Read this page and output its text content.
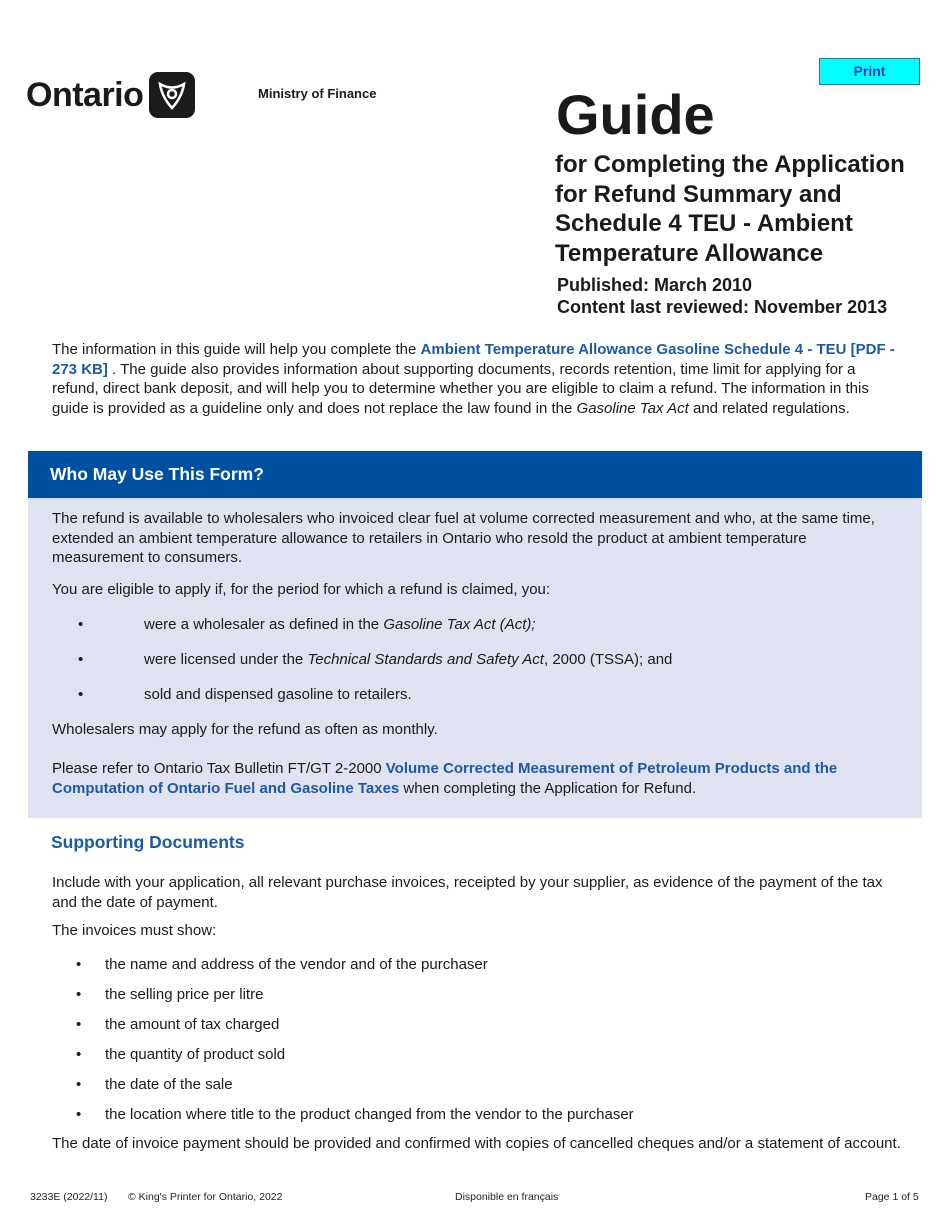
Ontario	Ministry of Finance
Print
Guide
for Completing the Application for Refund Summary and Schedule 4 TEU - Ambient Temperature Allowance
Published: March 2010
Content last reviewed: November 2013

The information in this guide will help you complete the Ambient Temperature Allowance Gasoline Schedule 4 - TEU [PDF - 273 KB] . The guide also provides information about supporting documents, records retention, time limit for applying for a refund, direct bank deposit, and will help you to determine whether you are eligible to claim a refund. The information in this guide is provided as a guideline only and does not replace the law found in the Gasoline Tax Act and related regulations.

Who May Use This Form?

The refund is available to wholesalers who invoiced clear fuel at volume corrected measurement and who, at the same time, extended an ambient temperature allowance to retailers in Ontario who resold the product at ambient temperature measurement to consumers.

You are eligible to apply if, for the period for which a refund is claimed, you:

•	were a wholesaler as defined in the Gasoline Tax Act (Act);
•	were licensed under the Technical Standards and Safety Act, 2000 (TSSA); and
•	sold and dispensed gasoline to retailers.

Wholesalers may apply for the refund as often as monthly.

Please refer to Ontario Tax Bulletin FT/GT 2-2000 Volume Corrected Measurement of Petroleum Products and the Computation of Ontario Fuel and Gasoline Taxes when completing the Application for Refund.

Supporting Documents

Include with your application, all relevant purchase invoices, receipted by your supplier, as evidence of the payment of the tax and the date of payment.

The invoices must show:

• the name and address of the vendor and of the purchaser
• the selling price per litre
• the amount of tax charged
• the quantity of product sold
• the date of the sale
• the location where title to the product changed from the vendor to the purchaser

The date of invoice payment should be provided and confirmed with copies of cancelled cheques and/or a statement of account.

3233E (2022/11) © King's Printer for Ontario, 2022	Disponible en français	Page 1 of 5
